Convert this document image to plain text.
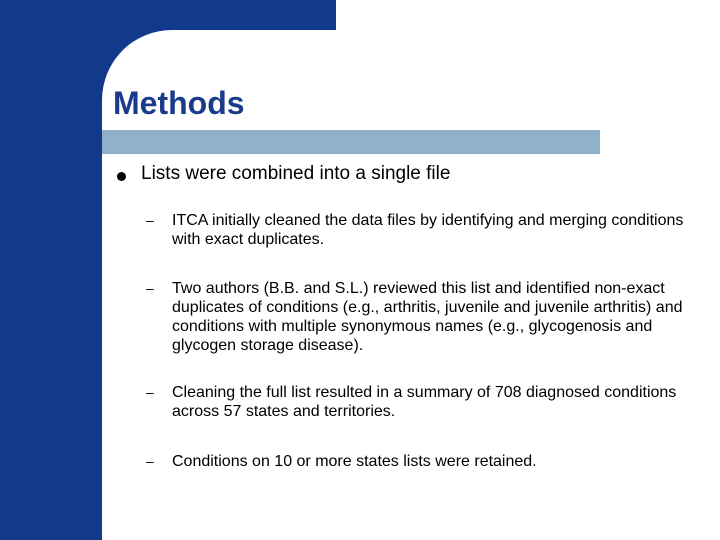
Methods
Lists were combined into a single file
– ITCA initially cleaned the data files by identifying and merging conditions with exact duplicates.
– Two authors (B.B. and S.L.) reviewed this list and identified non-exact duplicates of conditions (e.g., arthritis, juvenile and juvenile arthritis) and conditions with multiple synonymous names (e.g., glycogenosis and glycogen storage disease).
– Cleaning the full list resulted in a summary of 708 diagnosed conditions across 57 states and territories.
– Conditions on 10 or more states lists were retained.
